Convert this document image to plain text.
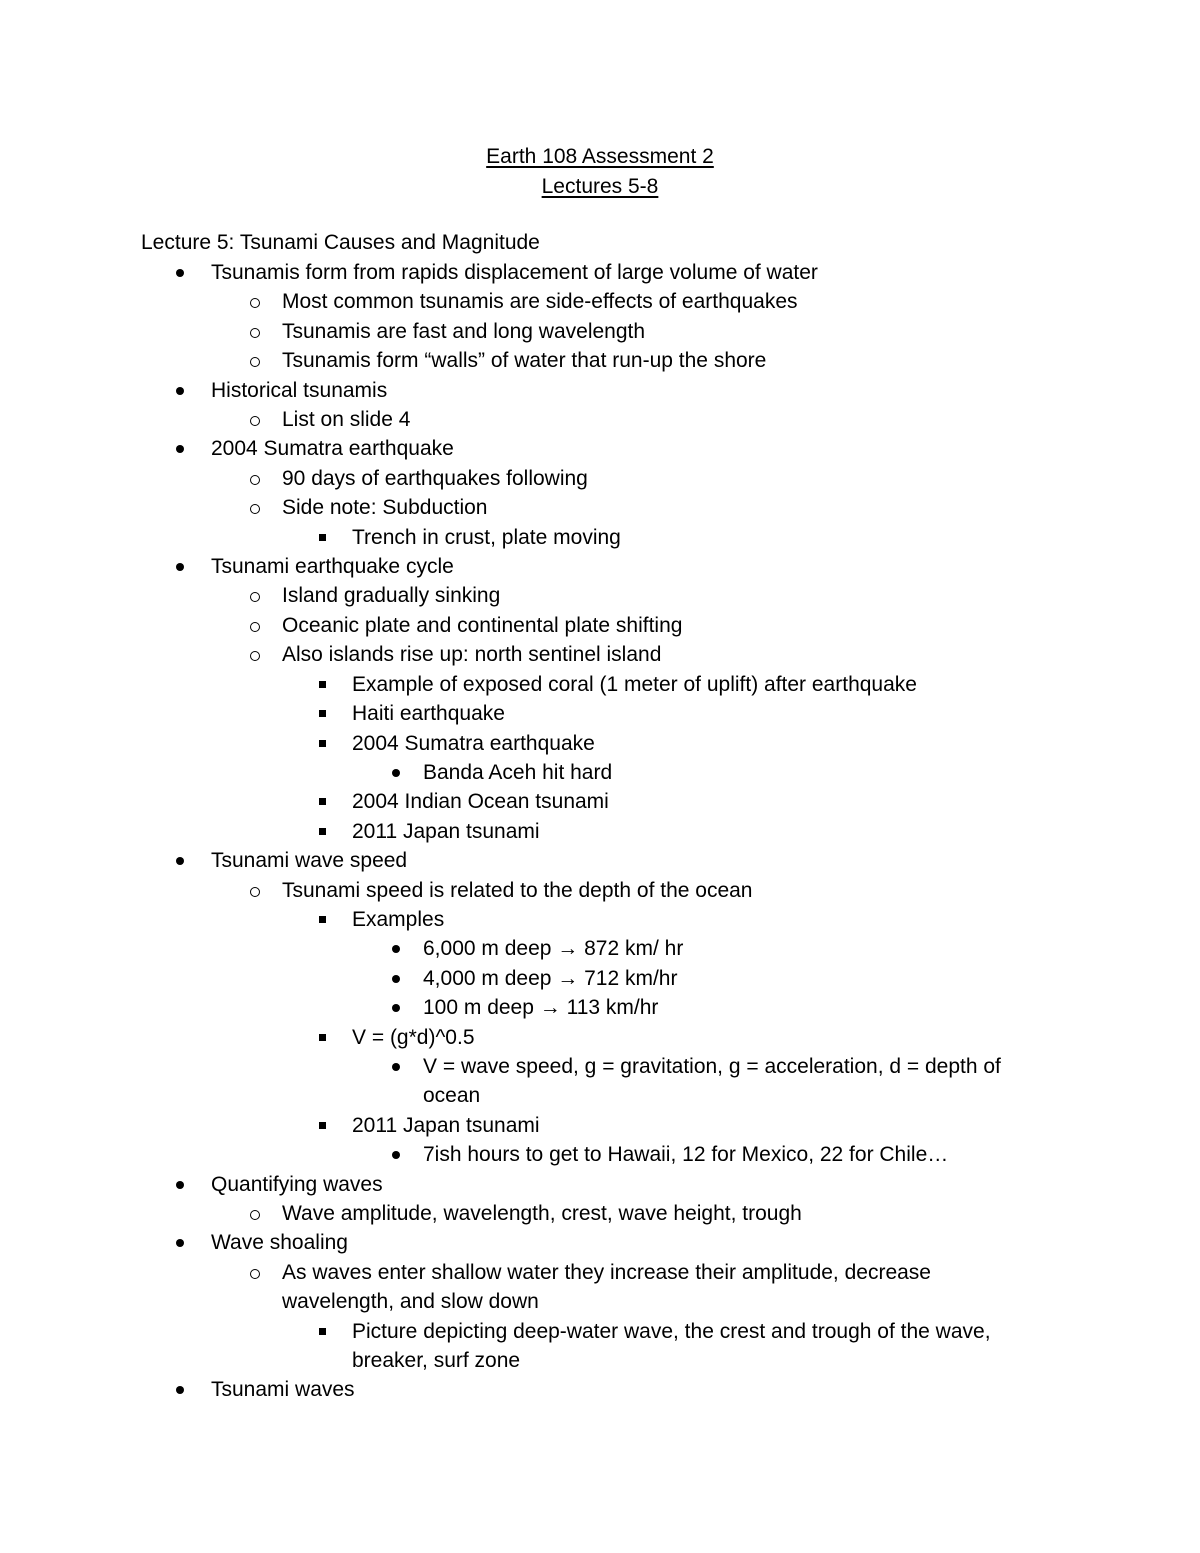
Earth 108 Assessment 2
Lectures 5-8
Lecture 5: Tsunami Causes and Magnitude
Tsunamis form from rapids displacement of large volume of water
Most common tsunamis are side-effects of earthquakes
Tsunamis are fast and long wavelength
Tsunamis form “walls” of water that run-up the shore
Historical tsunamis
List on slide 4
2004 Sumatra earthquake
90 days of earthquakes following
Side note: Subduction
Trench in crust, plate moving
Tsunami earthquake cycle
Island gradually sinking
Oceanic plate and continental plate shifting
Also islands rise up: north sentinel island
Example of exposed coral (1 meter of uplift) after earthquake
Haiti earthquake
2004 Sumatra earthquake
Banda Aceh hit hard
2004 Indian Ocean tsunami
2011 Japan tsunami
Tsunami wave speed
Tsunami speed is related to the depth of the ocean
Examples
6,000 m deep → 872 km/ hr
4,000 m deep → 712 km/hr
100 m deep → 113 km/hr
V = (g*d)^0.5
V = wave speed, g = gravitation, g = acceleration, d = depth of ocean
2011 Japan tsunami
7ish hours to get to Hawaii, 12 for Mexico, 22 for Chile…
Quantifying waves
Wave amplitude, wavelength, crest, wave height, trough
Wave shoaling
As waves enter shallow water they increase their amplitude, decrease wavelength, and slow down
Picture depicting deep-water wave, the crest and trough of the wave, breaker, surf zone
Tsunami waves
